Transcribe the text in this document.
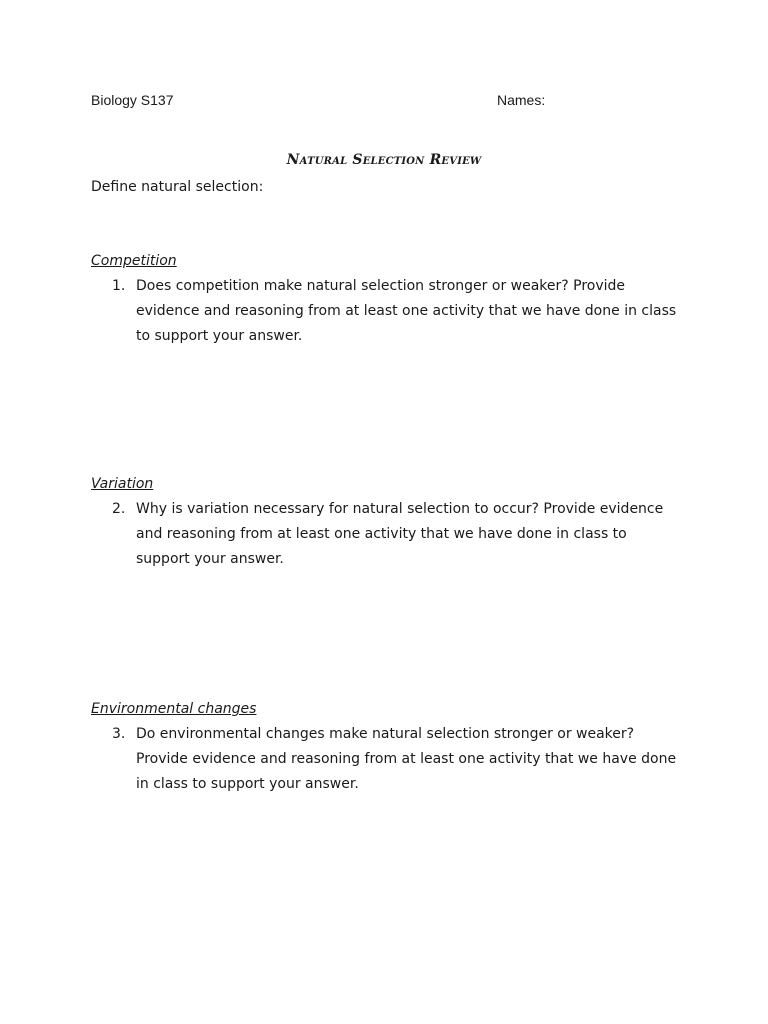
Biology S137	Names:
Natural Selection Review
Define natural selection:
Competition
1. Does competition make natural selection stronger or weaker? Provide
evidence and reasoning from at least one activity that we have done in class
to support your answer.
Variation
2. Why is variation necessary for natural selection to occur? Provide evidence
and reasoning from at least one activity that we have done in class to
support your answer.
Environmental changes
3. Do environmental changes make natural selection stronger or weaker?
Provide evidence and reasoning from at least one activity that we have done
in class to support your answer.
